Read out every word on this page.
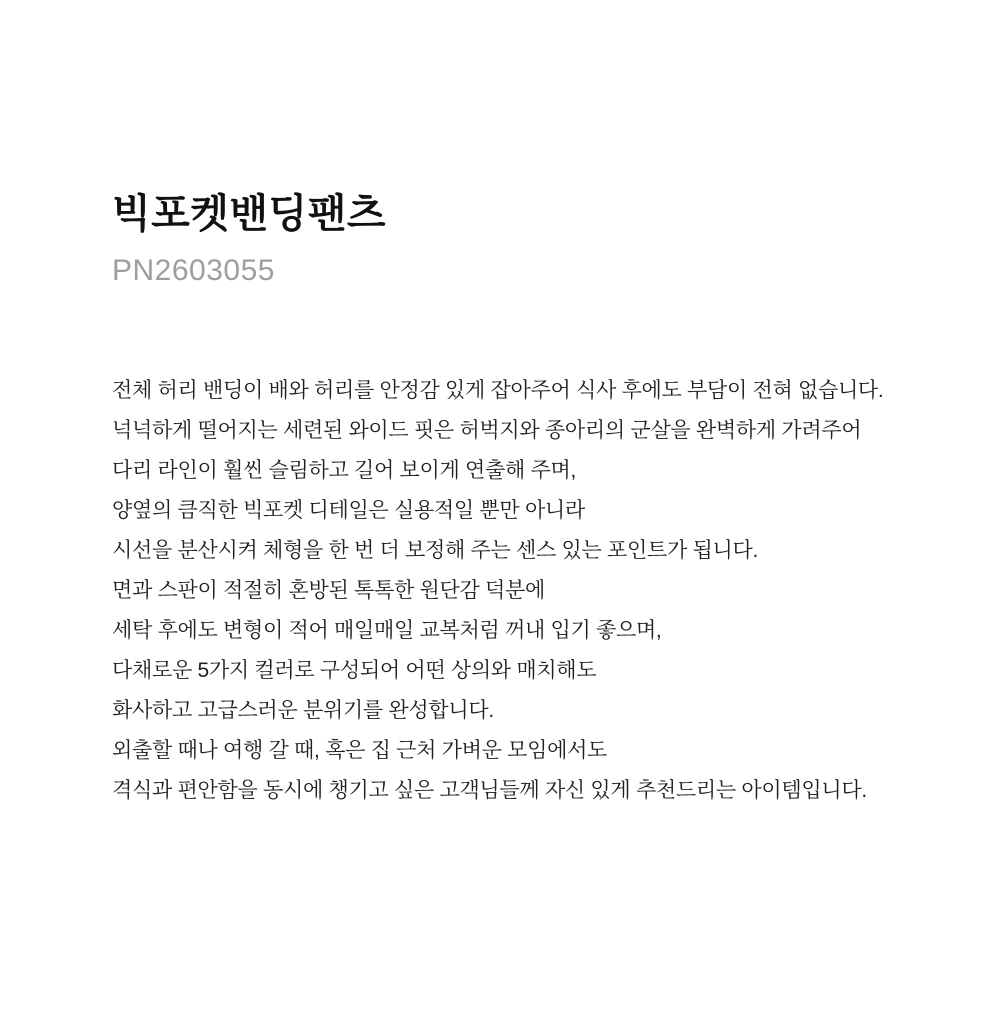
빅포켓밴딩팬츠
PN2603055

전체 허리 밴딩이 배와 허리를 안정감 있게 잡아주어 식사 후에도 부담이 전혀 없습니다.

넉넉하게 떨어지는 세련된 와이드 핏은 허벅지와 종아리의 군살을 완벽하게 가려주어

다리 라인이 훨씬 슬림하고 길어 보이게 연출해 주며,

양옆의 큼직한 빅포켓 디테일은 실용적일 뿐만 아니라

시선을 분산시켜 체형을 한 번 더 보정해 주는 센스 있는 포인트가 됩니다.

면과 스판이 적절히 혼방된 톡톡한 원단감 덕분에

세탁 후에도 변형이 적어 매일매일 교복처럼 꺼내 입기 좋으며,

다채로운 5가지 컬러로 구성되어 어떤 상의와 매치해도

화사하고 고급스러운 분위기를 완성합니다.

외출할 때나 여행 갈 때, 혹은 집 근처 가벼운 모임에서도

격식과 편안함을 동시에 챙기고 싶은 고객님들께 자신 있게 추천드리는 아이템입니다.
